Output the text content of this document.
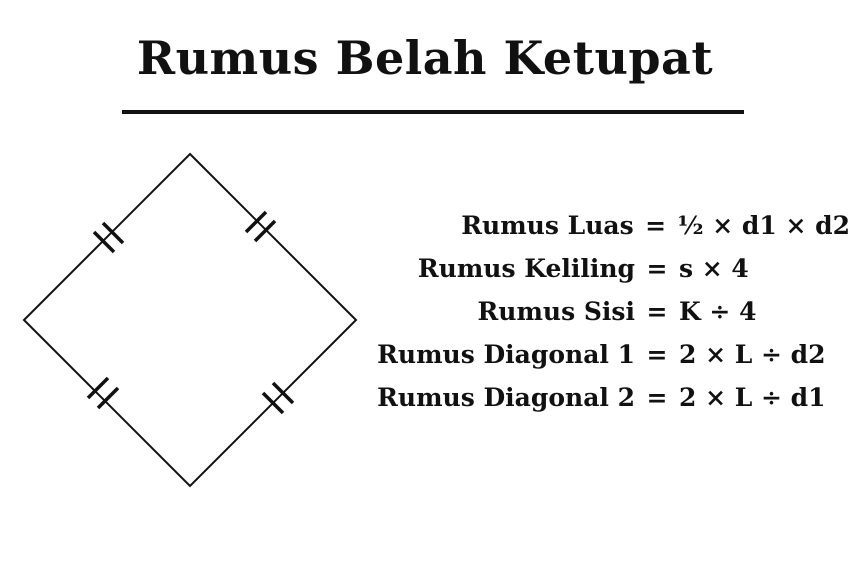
Rumus Belah Ketupat
Rumus Luas = ½ × d1 × d2
Rumus Keliling = s × 4
Rumus Sisi = K ÷ 4
Rumus Diagonal 1 = 2 × L ÷ d2
Rumus Diagonal 2 = 2 × L ÷ d1
